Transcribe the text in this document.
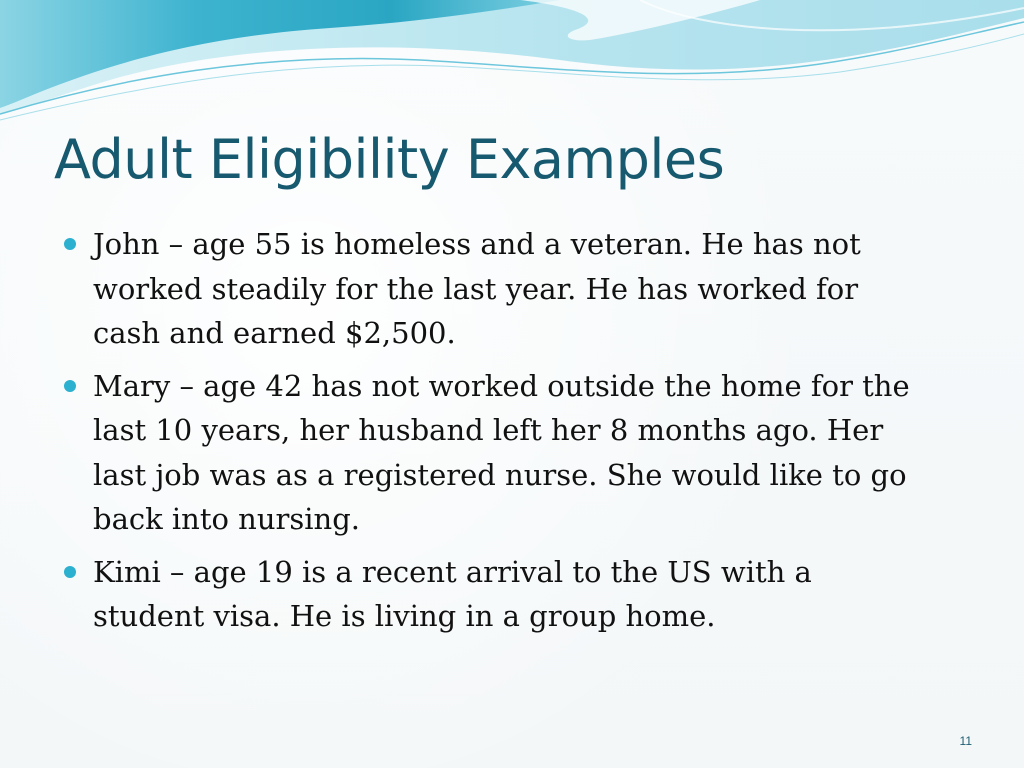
Adult Eligibility Examples
John – age 55 is homeless and a veteran. He has not
worked steadily for the last year. He has worked for
cash and earned $2,500.
Mary – age 42 has not worked outside the home for the
last 10 years, her husband left her 8 months ago. Her
last job was as a registered nurse. She would like to go
back into nursing.
Kimi – age 19 is a recent arrival to the US with a
student visa. He is living in a group home.
11
